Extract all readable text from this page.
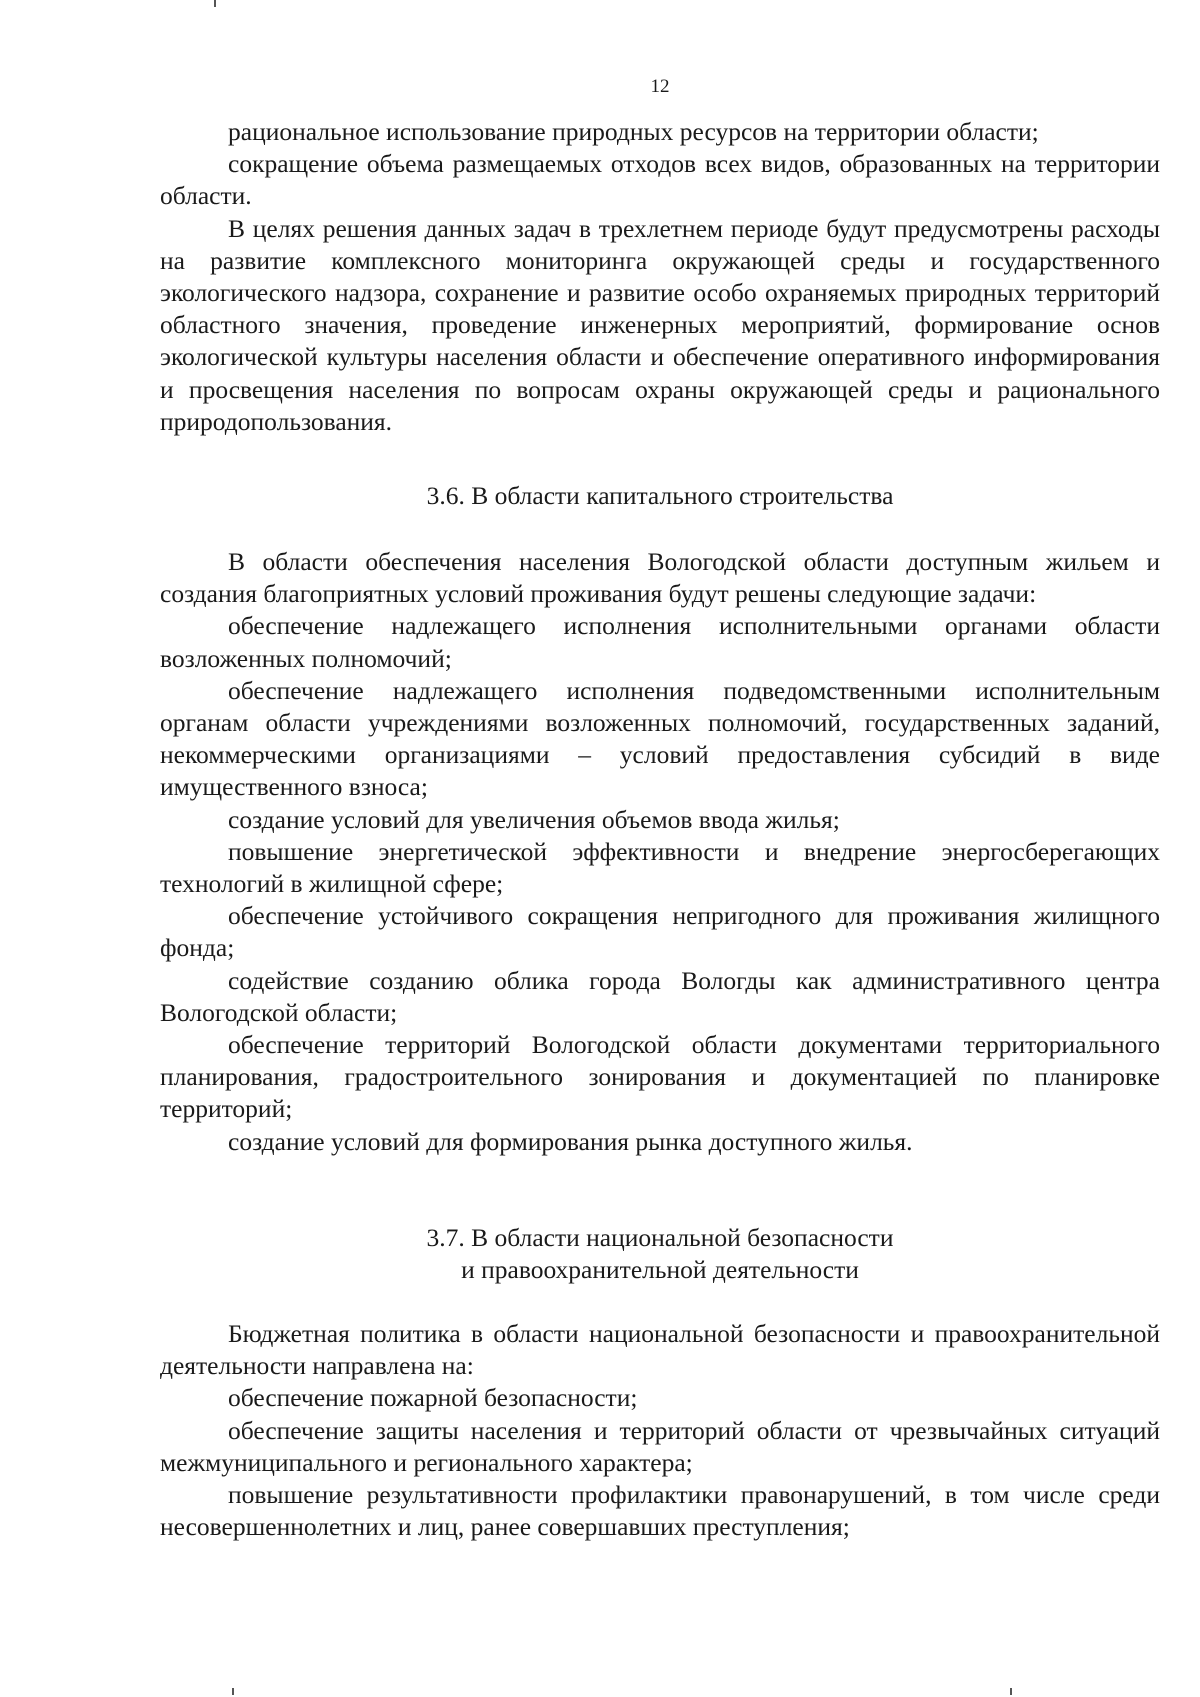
12

рациональное использование природных ресурсов на территории области;

сокращение объема размещаемых отходов всех видов, образованных на территории области.

В целях решения данных задач в трехлетнем периоде будут предусмотрены расходы на развитие комплексного мониторинга окружающей среды и государственного экологического надзора, сохранение и развитие особо охраняемых природных территорий областного значения, проведение инженерных мероприятий, формирование основ экологической культуры населения области и обеспечение оперативного информирования и просвещения населения по вопросам охраны окружающей среды и рационального природопользования.

3.6. В области капитального строительства

В области обеспечения населения Вологодской области доступным жильем и создания благоприятных условий проживания будут решены следующие задачи:

обеспечение надлежащего исполнения исполнительными органами области возложенных полномочий;

обеспечение надлежащего исполнения подведомственными исполнительным органам области учреждениями возложенных полномочий, государственных заданий, некоммерческими организациями – условий предоставления субсидий в виде имущественного взноса;

создание условий для увеличения объемов ввода жилья;

повышение энергетической эффективности и внедрение энергосберегающих технологий в жилищной сфере;

обеспечение устойчивого сокращения непригодного для проживания жилищного фонда;

содействие созданию облика города Вологды как административного центра Вологодской области;

обеспечение территорий Вологодской области документами территориального планирования, градостроительного зонирования и документацией по планировке территорий;

создание условий для формирования рынка доступного жилья.

3.7. В области национальной безопасности

и правоохранительной деятельности

Бюджетная политика в области национальной безопасности и правоохранительной деятельности направлена на:

обеспечение пожарной безопасности;

обеспечение защиты населения и территорий области от чрезвычайных ситуаций межмуниципального и регионального характера;

повышение результативности профилактики правонарушений, в том числе среди несовершеннолетних и лиц, ранее совершавших преступления;
